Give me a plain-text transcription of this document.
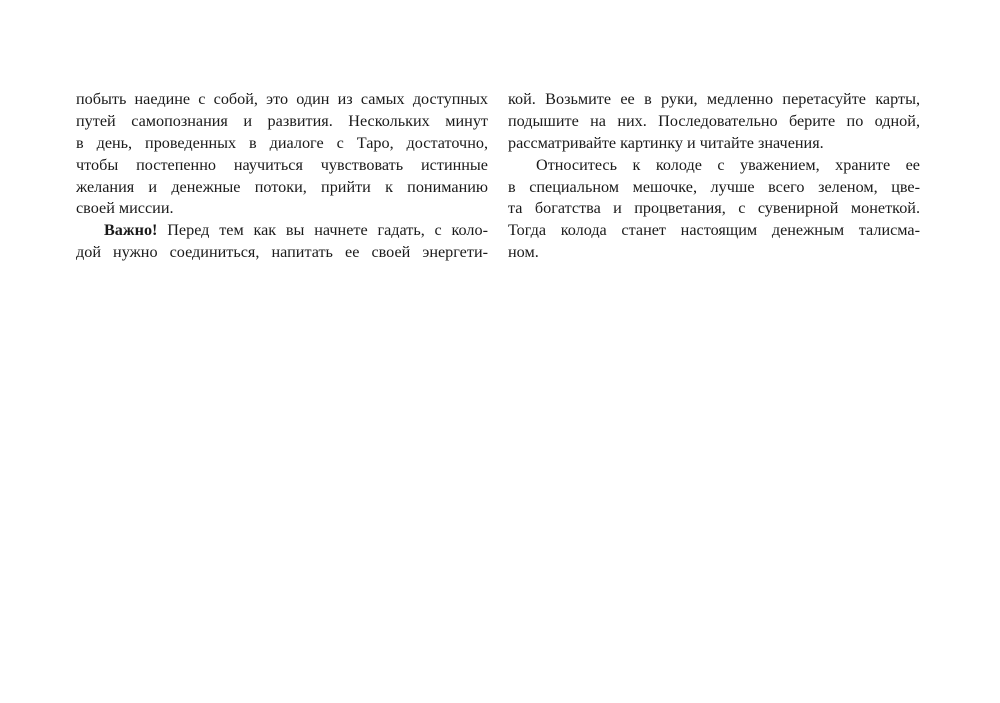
побыть наедине с собой, это один из самых доступных
путей самопознания и развития. Нескольких минут
в день, проведенных в диалоге с Таро, достаточно,
чтобы постепенно научиться чувствовать истинные
желания и денежные потоки, прийти к пониманию
своей миссии.
Важно! Перед тем как вы начнете гадать, с коло-
дой нужно соединиться, напитать ее своей энергети-
кой. Возьмите ее в руки, медленно перетасуйте карты,
подышите на них. Последовательно берите по одной,
рассматривайте картинку и читайте значения.
Относитесь к колоде с уважением, храните ее
в специальном мешочке, лучше всего зеленом, цве-
та богатства и процветания, с сувенирной монеткой.
Тогда колода станет настоящим денежным талисма-
ном.
